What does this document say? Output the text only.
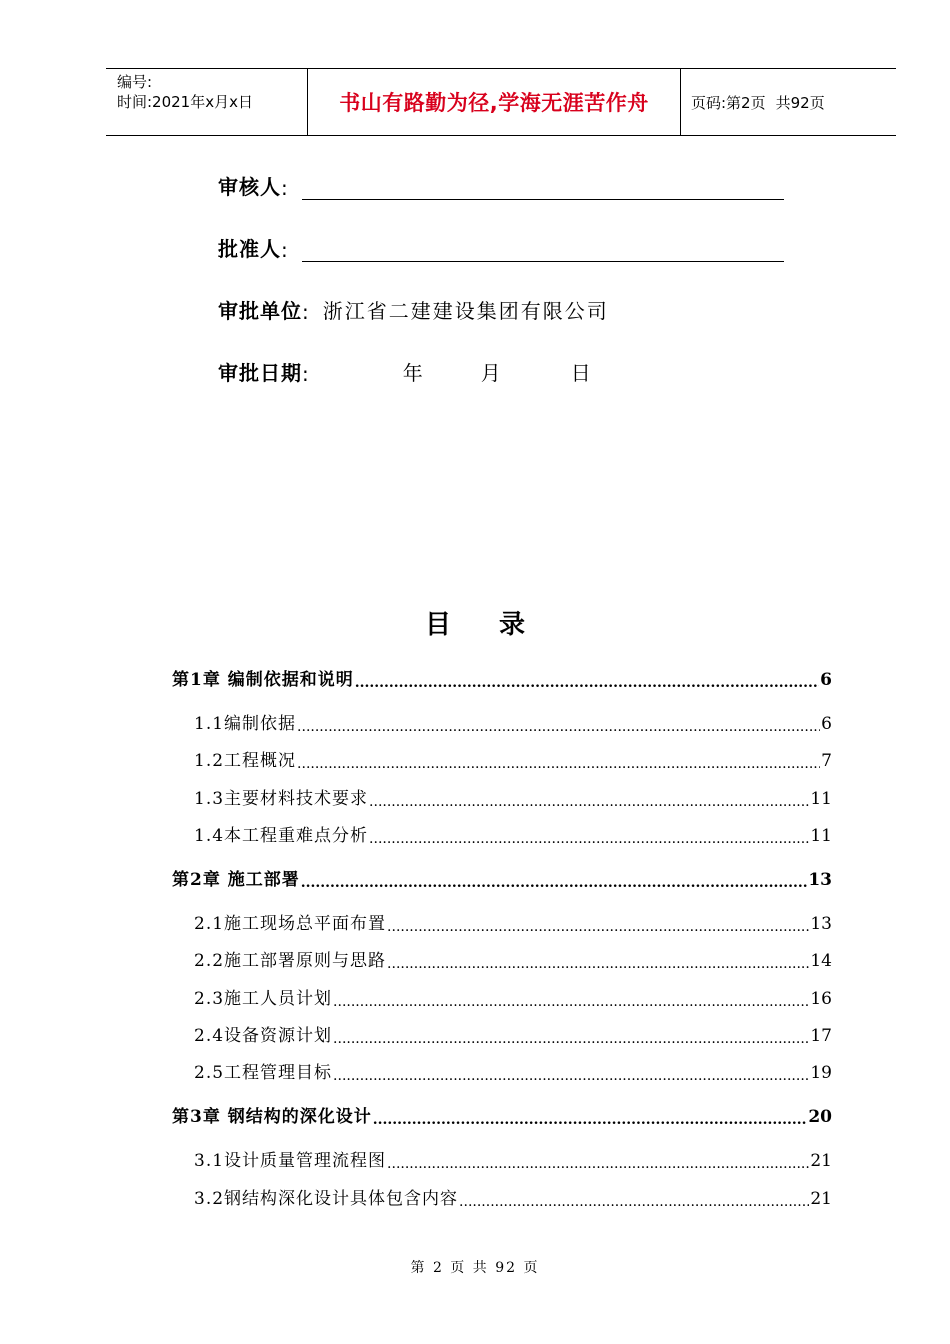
编号:
时间:2021年x月x日	书山有路勤为径,学海无涯苦作舟	页码:第2页 共92页
审核人 :
批准人 :
审批单位 : 浙江省二建建设集团有限公司
审批日期 :	年	月	日
目 录
第1章 编制依据和说明 .....	6
1.1编制依据 .....	6
1.2工程概况 .....	7
1.3主要材料技术要求 .....	11
1.4本工程重难点分析 .....	11
第2章 施工部署 .....	13
2.1施工现场总平面布置 .....	13
2.2施工部署原则与思路 .....	14
2.3施工人员计划 .....	16
2.4设备资源计划 .....	17
2.5工程管理目标 .....	19
第3章 钢结构的深化设计 .....	20
3.1设计质量管理流程图 .....	21
3.2钢结构深化设计具体包含内容 .....	21
第 2 页 共 92 页
